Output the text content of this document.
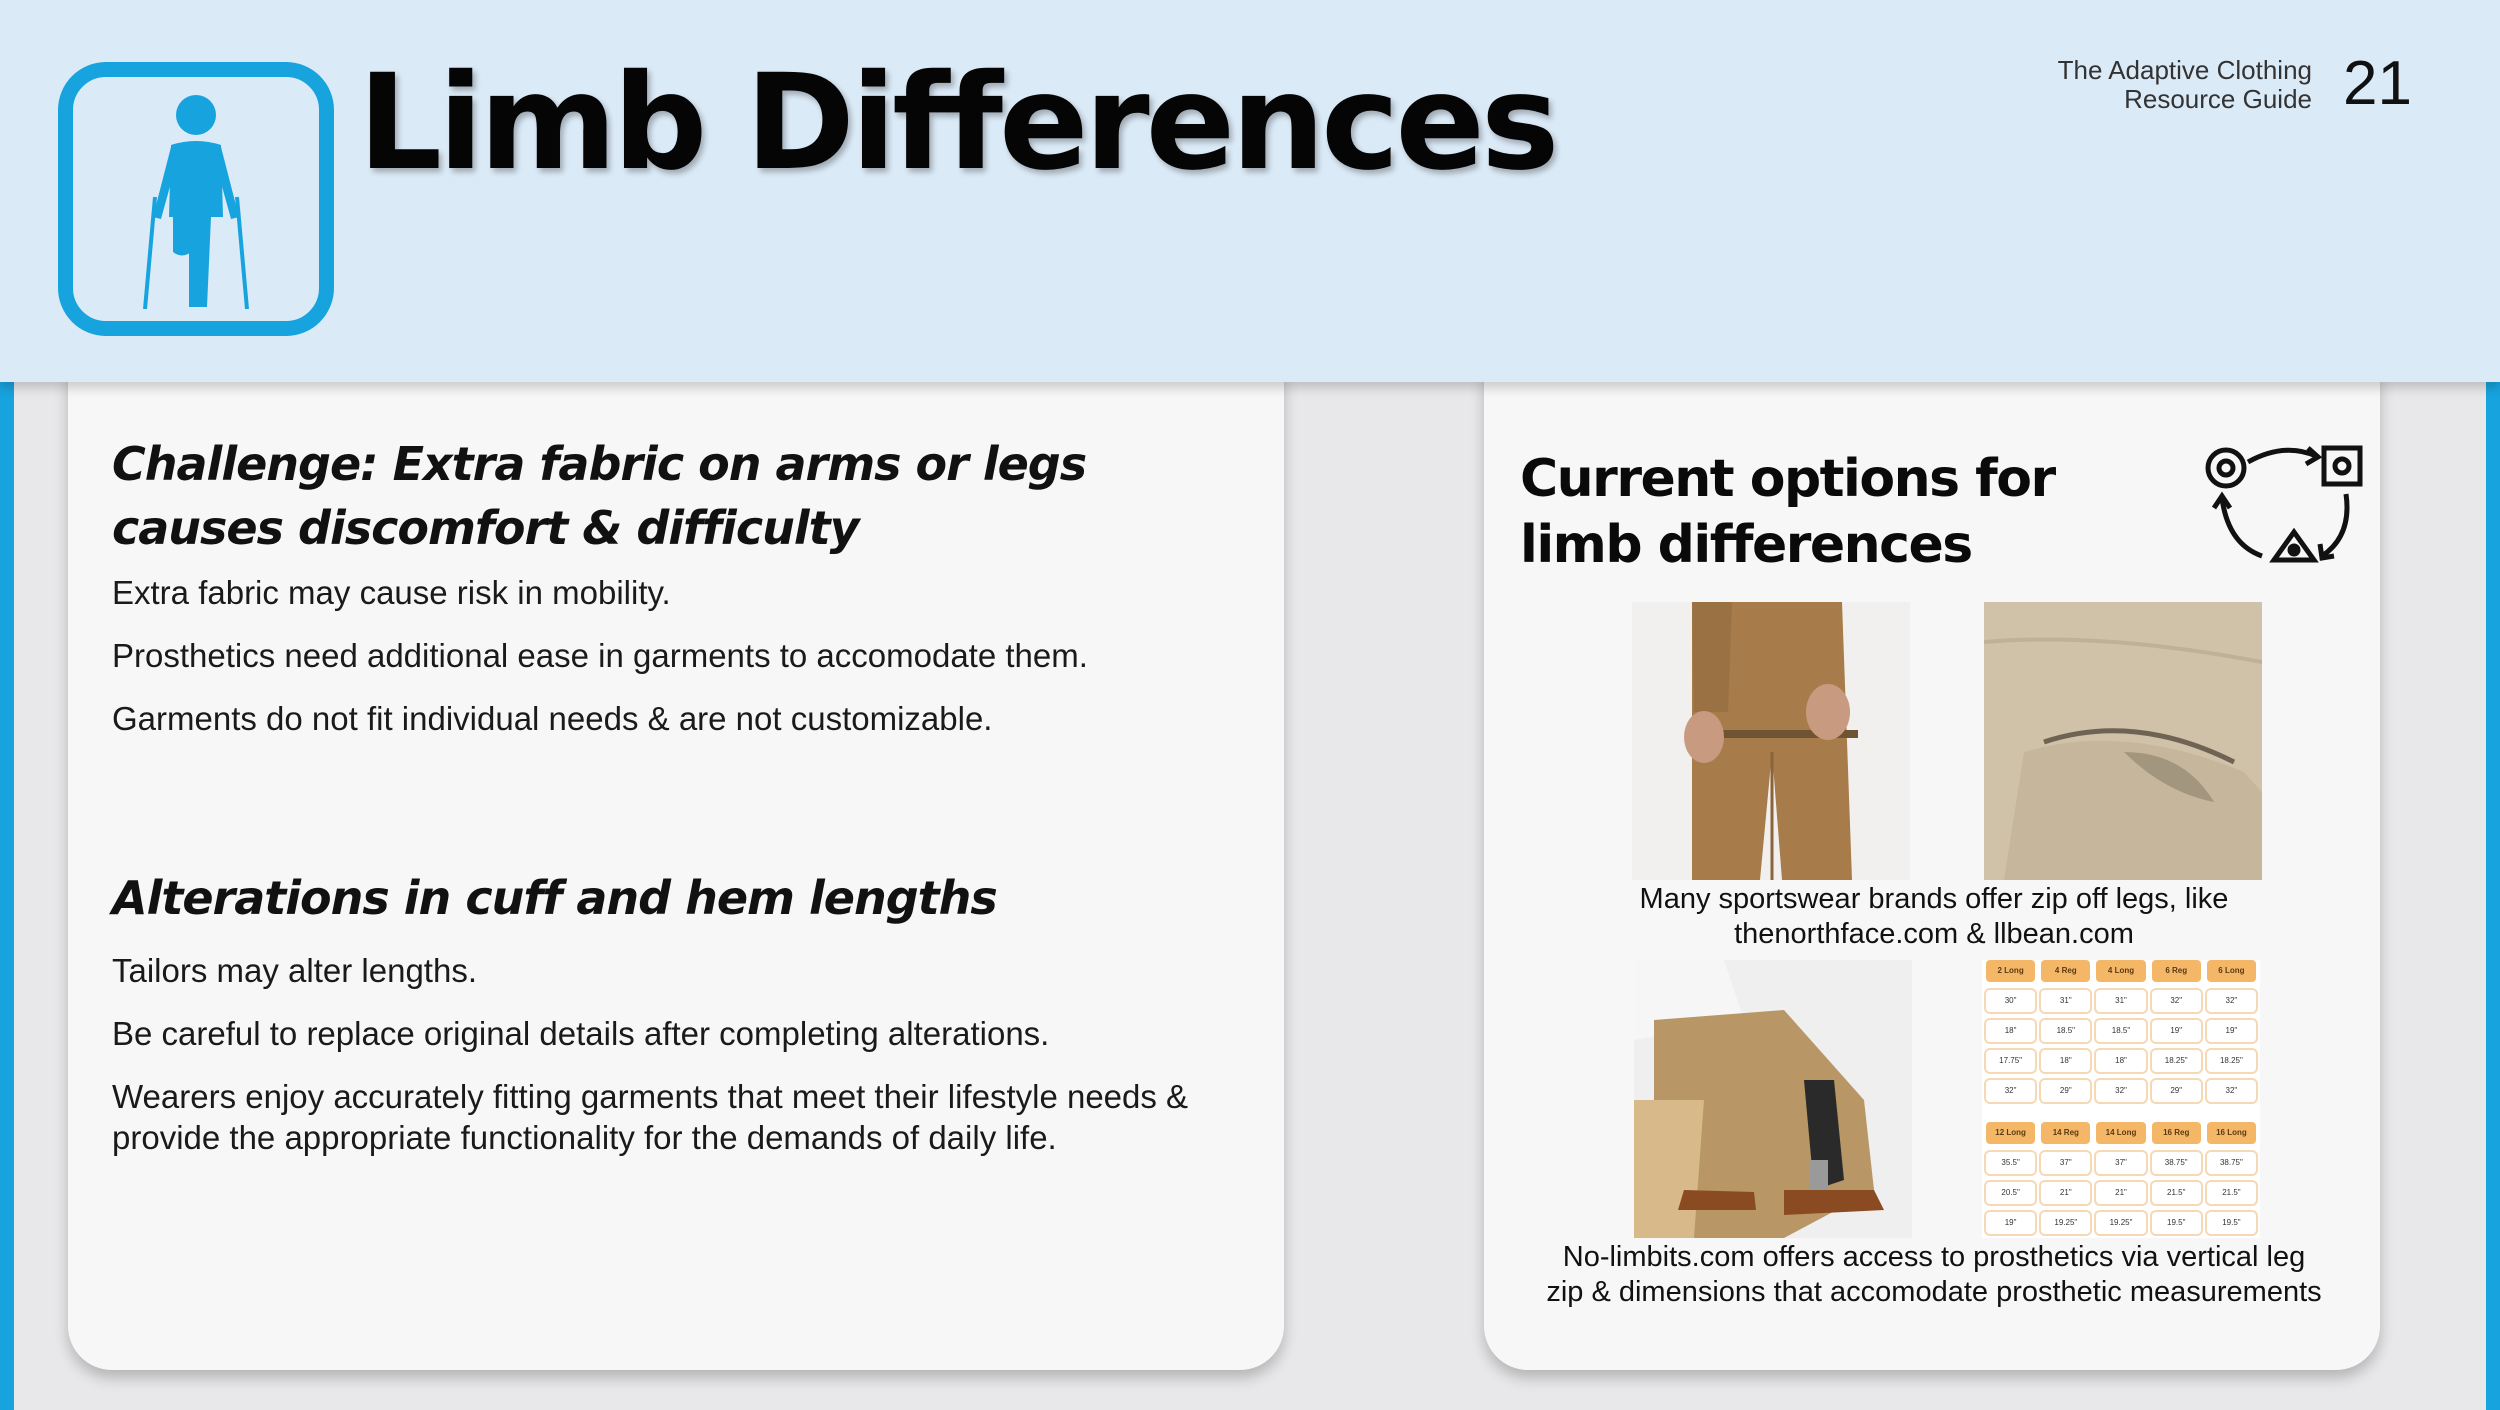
Limb Differences	The Adaptive Clothing
Resource Guide 21
Challenge: Extra fabric on arms or legs causes discomfort & difficulty

Extra fabric may cause risk in mobility.

Prosthetics need additional ease in garments to accomodate them.

Garments do not fit individual needs & are not customizable.

Alterations in cuff and hem lengths

Tailors may alter lengths.

Be careful to replace original details after completing alterations.

Wearers enjoy accurately fitting garments that meet their lifestyle needs & provide the appropriate functionality for the demands of daily life.

Current options for limb differences
2 Long	4 Reg	4 Long	6 Reg	6 Long
30"	31"	31"	32"	32"
18"	18.5"	18.5"	19"	19"
17.75"	18"	18"	18.25"	18.25"
32"	29"	32"	29"	32"
12 Long	14 Reg	14 Long	16 Reg	16 Long
35.5"	37"	37"	38.75"	38.75"
20.5"	21"	21"	21.5"	21.5"
19"	19.25"	19.25"	19.5"	19.5"

Many sportswear brands offer zip off legs, like thenorthface.com & llbean.com

No-limbits.com offers access to prosthetics via vertical leg zip & dimensions that accomodate prosthetic measurements
